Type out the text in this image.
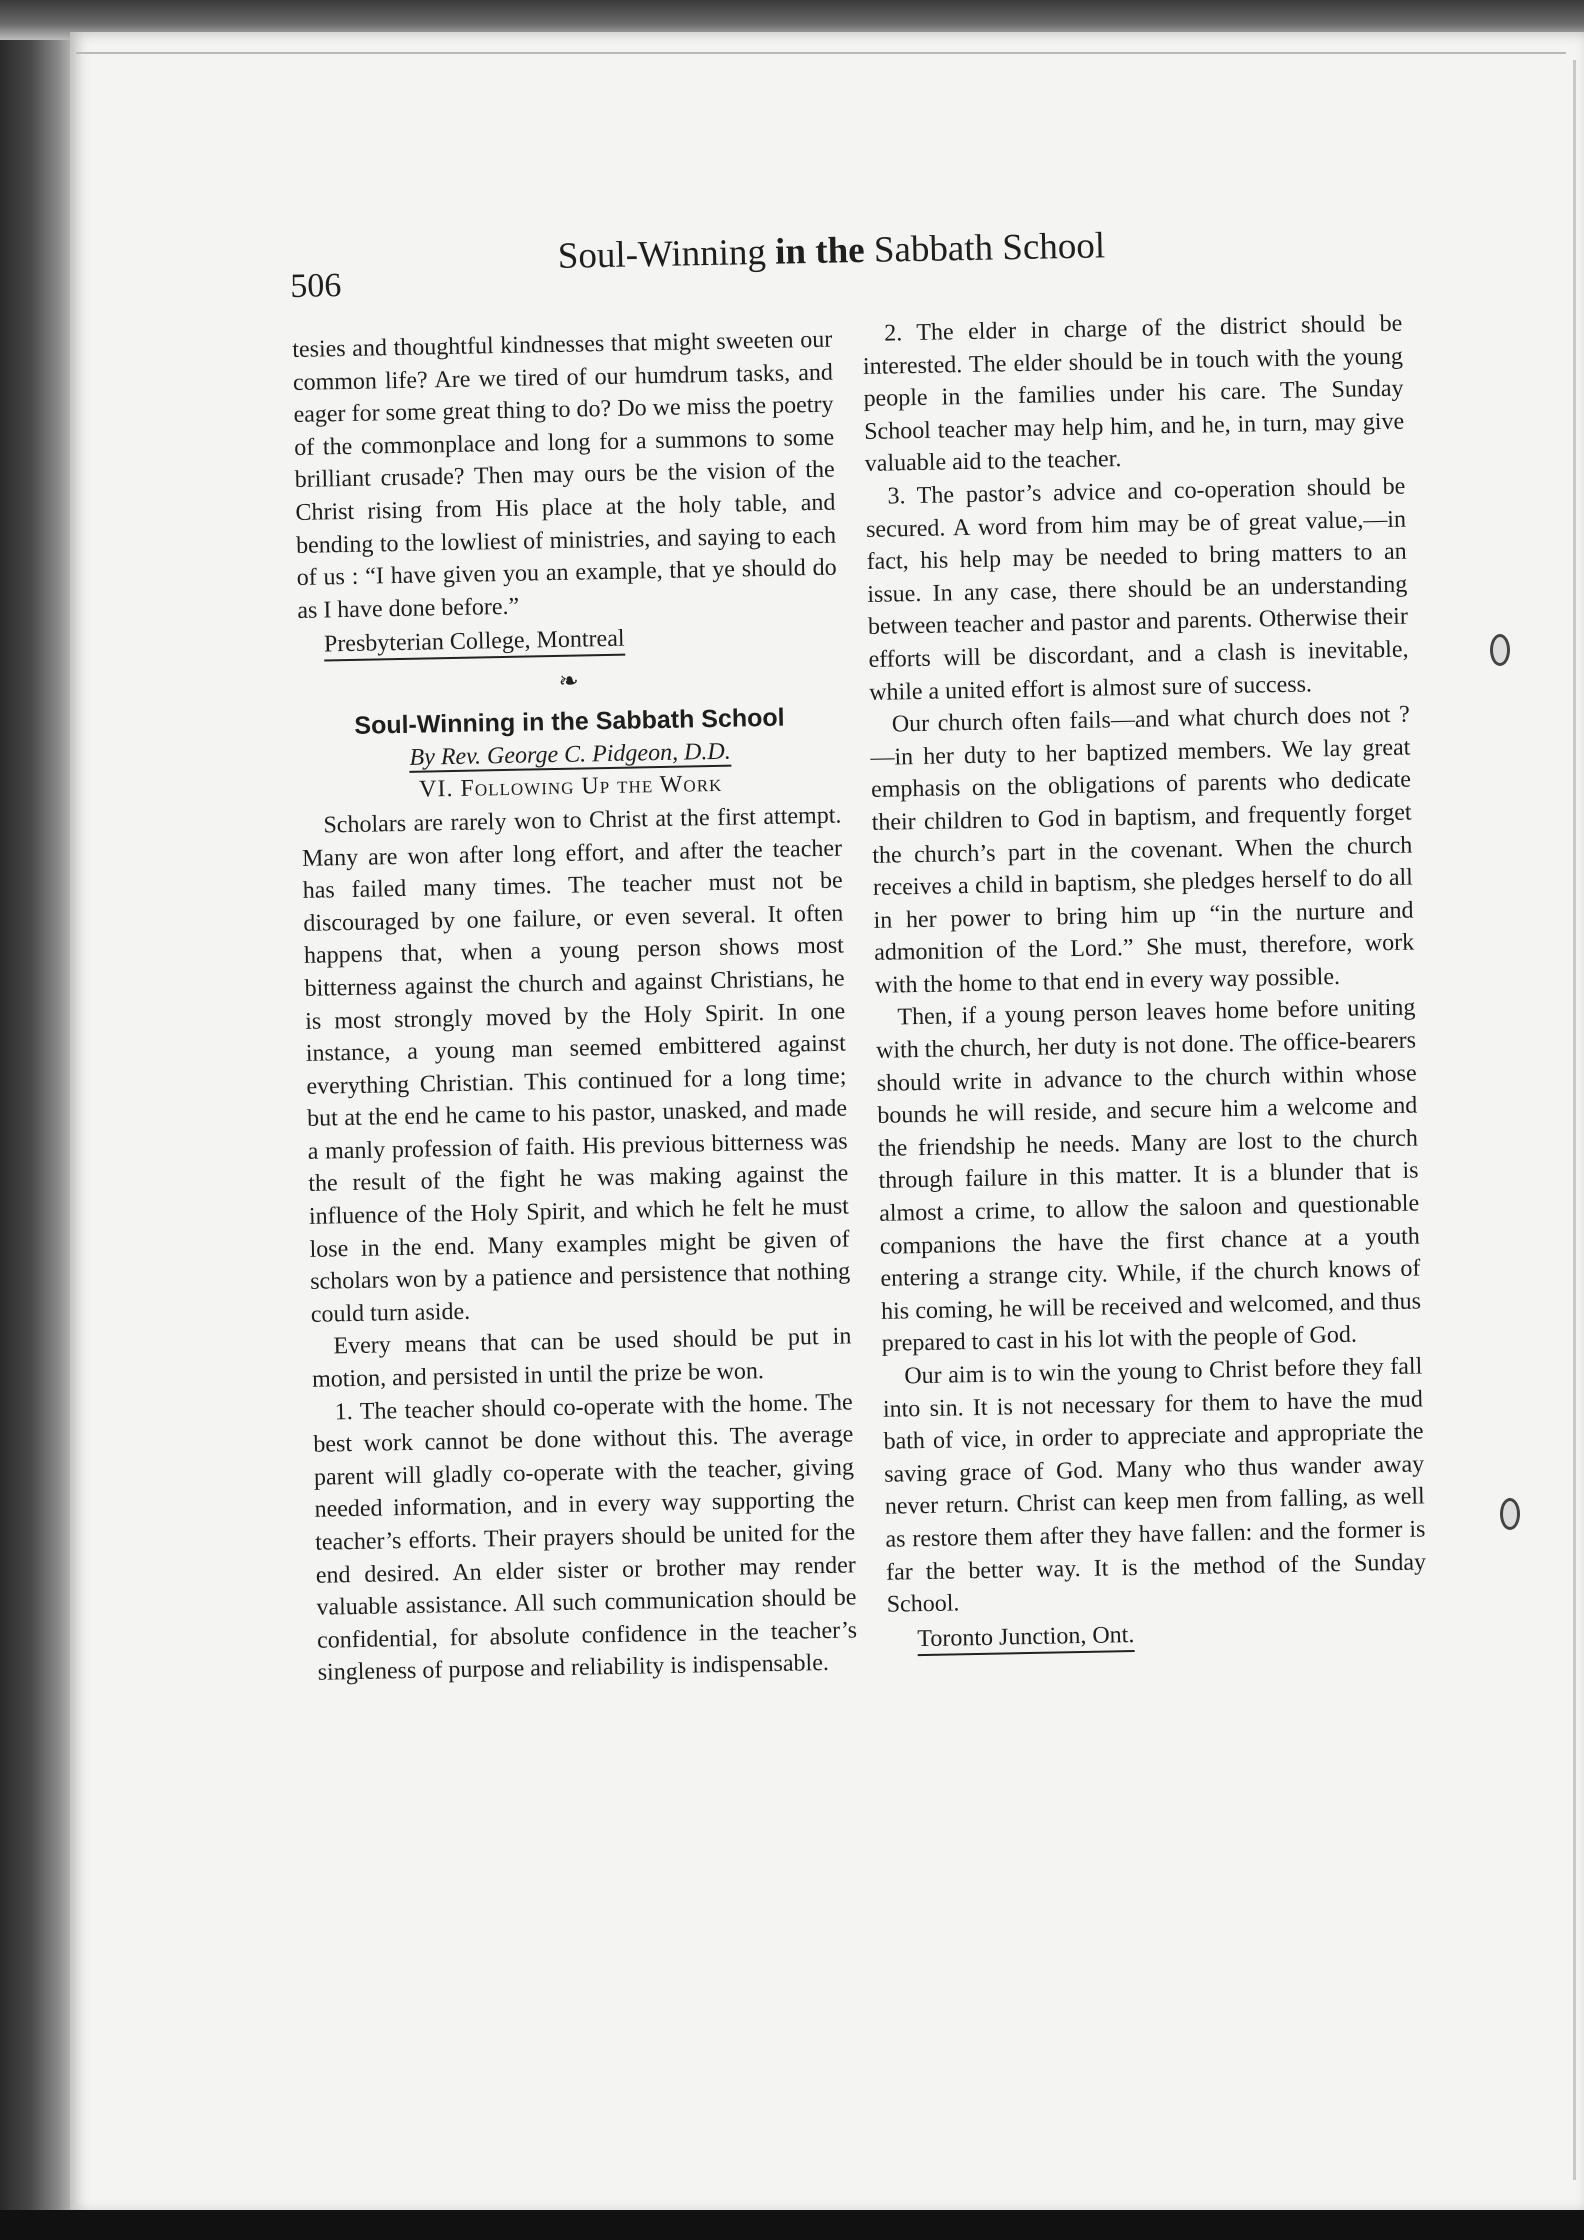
506
Soul-Winning in the Sabbath School

tesies and thoughtful kindnesses that might sweeten our common life? Are we tired of our humdrum tasks, and eager for some great thing to do? Do we miss the poetry of the commonplace and long for a summons to some brilliant crusade? Then may ours be the vision of the Christ rising from His place at the holy table, and bending to the lowliest of ministries, and saying to each of us : “I have given you an example, that ye should do as I have done before.”

Presbyterian College, Montreal
❧
Soul-Winning in the Sabbath School
By Rev. George C. Pidgeon, D.D.
VI. Following Up the Work

Scholars are rarely won to Christ at the first attempt. Many are won after long effort, and after the teacher has failed many times. The teacher must not be discouraged by one failure, or even several. It often happens that, when a young person shows most bitterness against the church and against Christians, he is most strongly moved by the Holy Spirit. In one instance, a young man seemed embittered against everything Christian. This continued for a long time; but at the end he came to his pastor, unasked, and made a manly profession of faith. His previous bitterness was the result of the fight he was making against the influence of the Holy Spirit, and which he felt he must lose in the end. Many examples might be given of scholars won by a patience and persistence that nothing could turn aside.

Every means that can be used should be put in motion, and persisted in until the prize be won.

1. The teacher should co-operate with the home. The best work cannot be done without this. The average parent will gladly co-operate with the teacher, giving needed information, and in every way supporting the teacher’s efforts. Their prayers should be united for the end desired. An elder sister or brother may render valuable assistance. All such communication should be confidential, for absolute confidence in the teacher’s singleness of purpose and reliability is indispensable.

2. The elder in charge of the district should be interested. The elder should be in touch with the young people in the families under his care. The Sunday School teacher may help him, and he, in turn, may give valuable aid to the teacher.

3. The pastor’s advice and co-operation should be secured. A word from him may be of great value,—in fact, his help may be needed to bring matters to an issue. In any case, there should be an understanding between teacher and pastor and parents. Otherwise their efforts will be discordant, and a clash is inevitable, while a united effort is almost sure of success.

Our church often fails—and what church does not ?—in her duty to her baptized members. We lay great emphasis on the obligations of parents who dedicate their children to God in baptism, and frequently forget the church’s part in the covenant. When the church receives a child in baptism, she pledges herself to do all in her power to bring him up “in the nurture and admonition of the Lord.” She must, therefore, work with the home to that end in every way possible.

Then, if a young person leaves home before uniting with the church, her duty is not done. The office-bearers should write in advance to the church within whose bounds he will reside, and secure him a welcome and the friendship he needs. Many are lost to the church through failure in this matter. It is a blunder that is almost a crime, to allow the saloon and questionable companions the have the first chance at a youth entering a strange city. While, if the church knows of his coming, he will be received and welcomed, and thus prepared to cast in his lot with the people of God.

Our aim is to win the young to Christ before they fall into sin. It is not necessary for them to have the mud bath of vice, in order to appreciate and appropriate the saving grace of God. Many who thus wander away never return. Christ can keep men from falling, as well as restore them after they have fallen: and the former is far the better way. It is the method of the Sunday School.

Toronto Junction, Ont.
